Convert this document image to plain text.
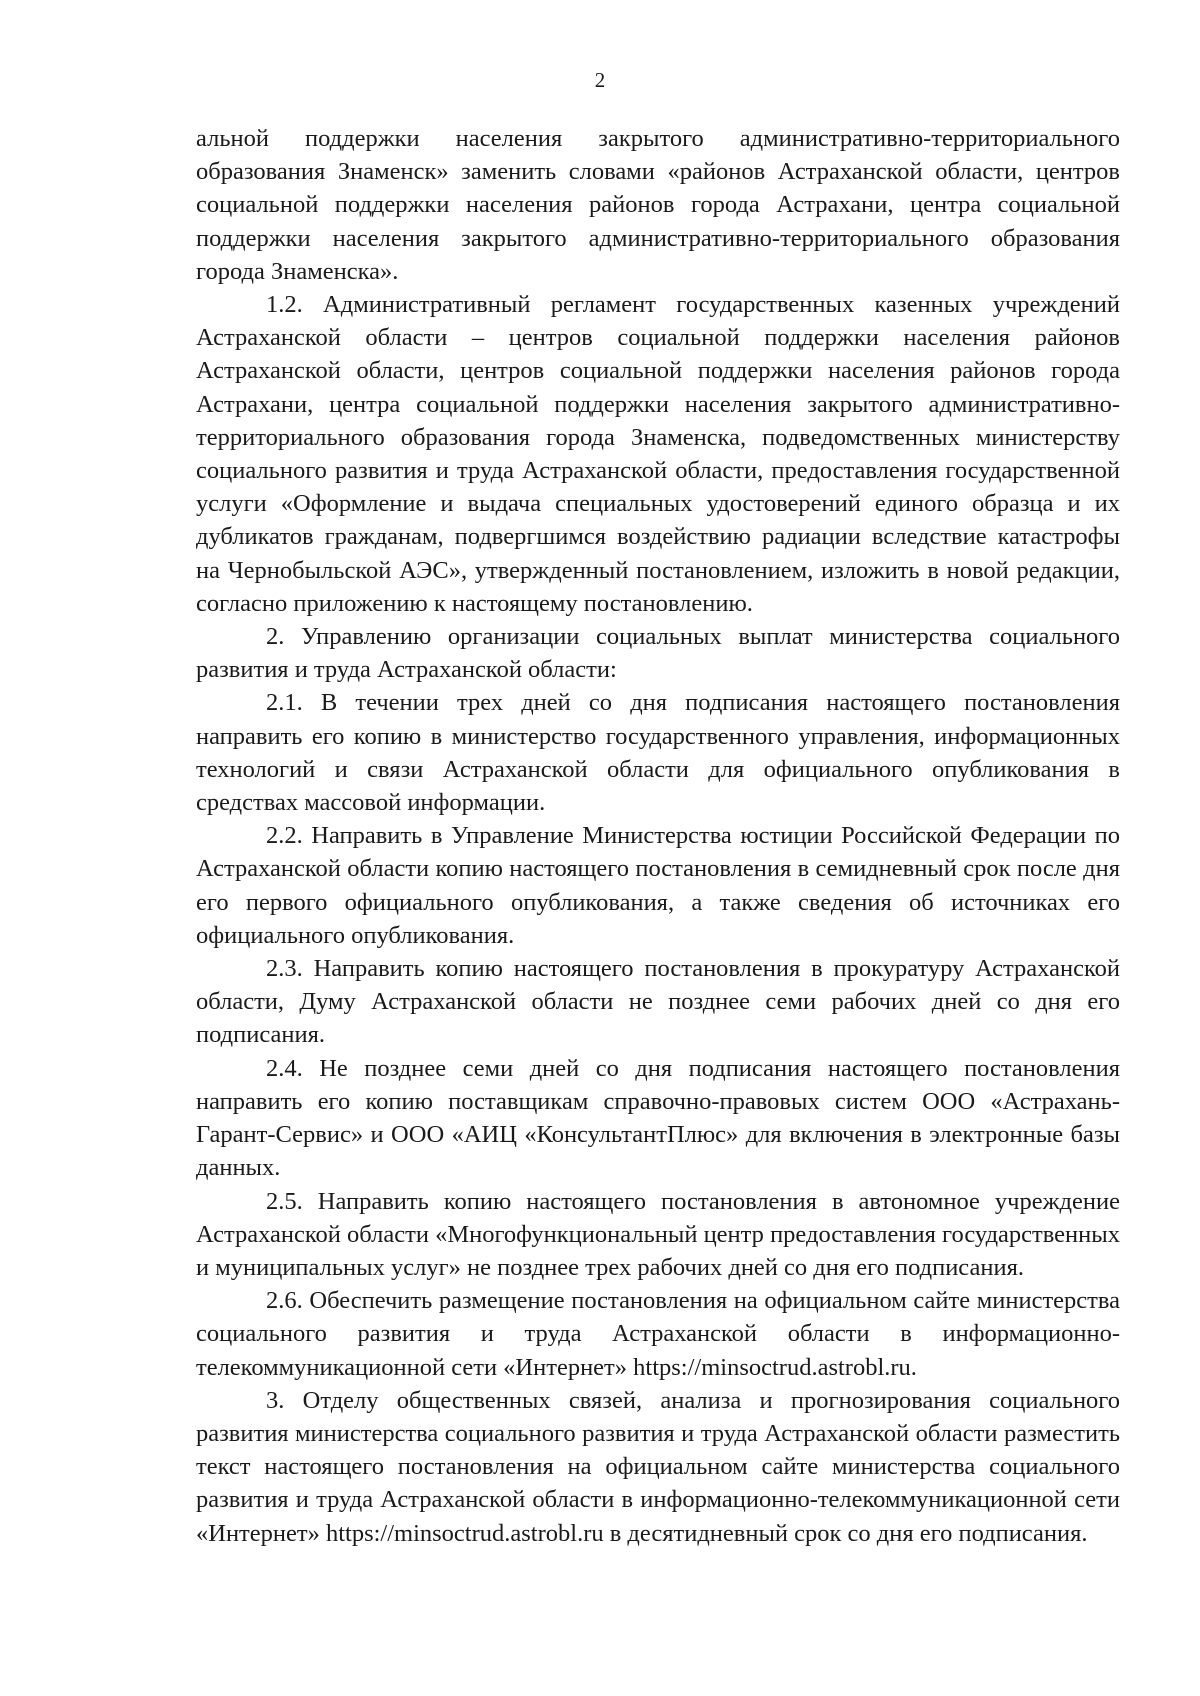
2

альной поддержки населения закрытого административно-территориального образования Знаменск» заменить словами «районов Астраханской области, центров социальной поддержки населения районов города Астрахани, центра социальной поддержки населения закрытого административно-территориального образования города Знаменска».

1.2. Административный регламент государственных казенных учреждений Астраханской области – центров социальной поддержки населения районов Астраханской области, центров социальной поддержки населения районов города Астрахани, центра социальной поддержки населения закрытого административно-территориального образования города Знаменска, подведомственных министерству социального развития и труда Астраханской области, предоставления государственной услуги «Оформление и выдача специальных удостоверений единого образца и их дубликатов гражданам, подвергшимся воздействию радиации вследствие катастрофы на Чернобыльской АЭС», утвержденный постановлением, изложить в новой редакции, согласно приложению к настоящему постановлению.

2. Управлению организации социальных выплат министерства социального развития и труда Астраханской области:

2.1. В течении трех дней со дня подписания настоящего постановления направить его копию в министерство государственного управления, информационных технологий и связи Астраханской области для официального опубликования в средствах массовой информации.

2.2. Направить в Управление Министерства юстиции Российской Федерации по Астраханской области копию настоящего постановления в семидневный срок после дня его первого официального опубликования, а также сведения об источниках его официального опубликования.

2.3. Направить копию настоящего постановления в прокуратуру Астраханской области, Думу Астраханской области не позднее семи рабочих дней со дня его подписания.

2.4. Не позднее семи дней со дня подписания настоящего постановления направить его копию поставщикам справочно-правовых систем ООО «Астрахань-Гарант-Сервис» и ООО «АИЦ «КонсультантПлюс» для включения в электронные базы данных.

2.5. Направить копию настоящего постановления в автономное учреждение Астраханской области «Многофункциональный центр предоставления государственных и муниципальных услуг» не позднее трех рабочих дней со дня его подписания.

2.6. Обеспечить размещение постановления на официальном сайте министерства социального развития и труда Астраханской области в информационно-телекоммуникационной сети «Интернет» https://minsoctrud.astrobl.ru.

3. Отделу общественных связей, анализа и прогнозирования социального развития министерства социального развития и труда Астраханской области разместить текст настоящего постановления на официальном сайте министерства социального развития и труда Астраханской области в информационно-телекоммуникационной сети «Интернет» https://minsoctrud.astrobl.ru в десятидневный срок со дня его подписания.
